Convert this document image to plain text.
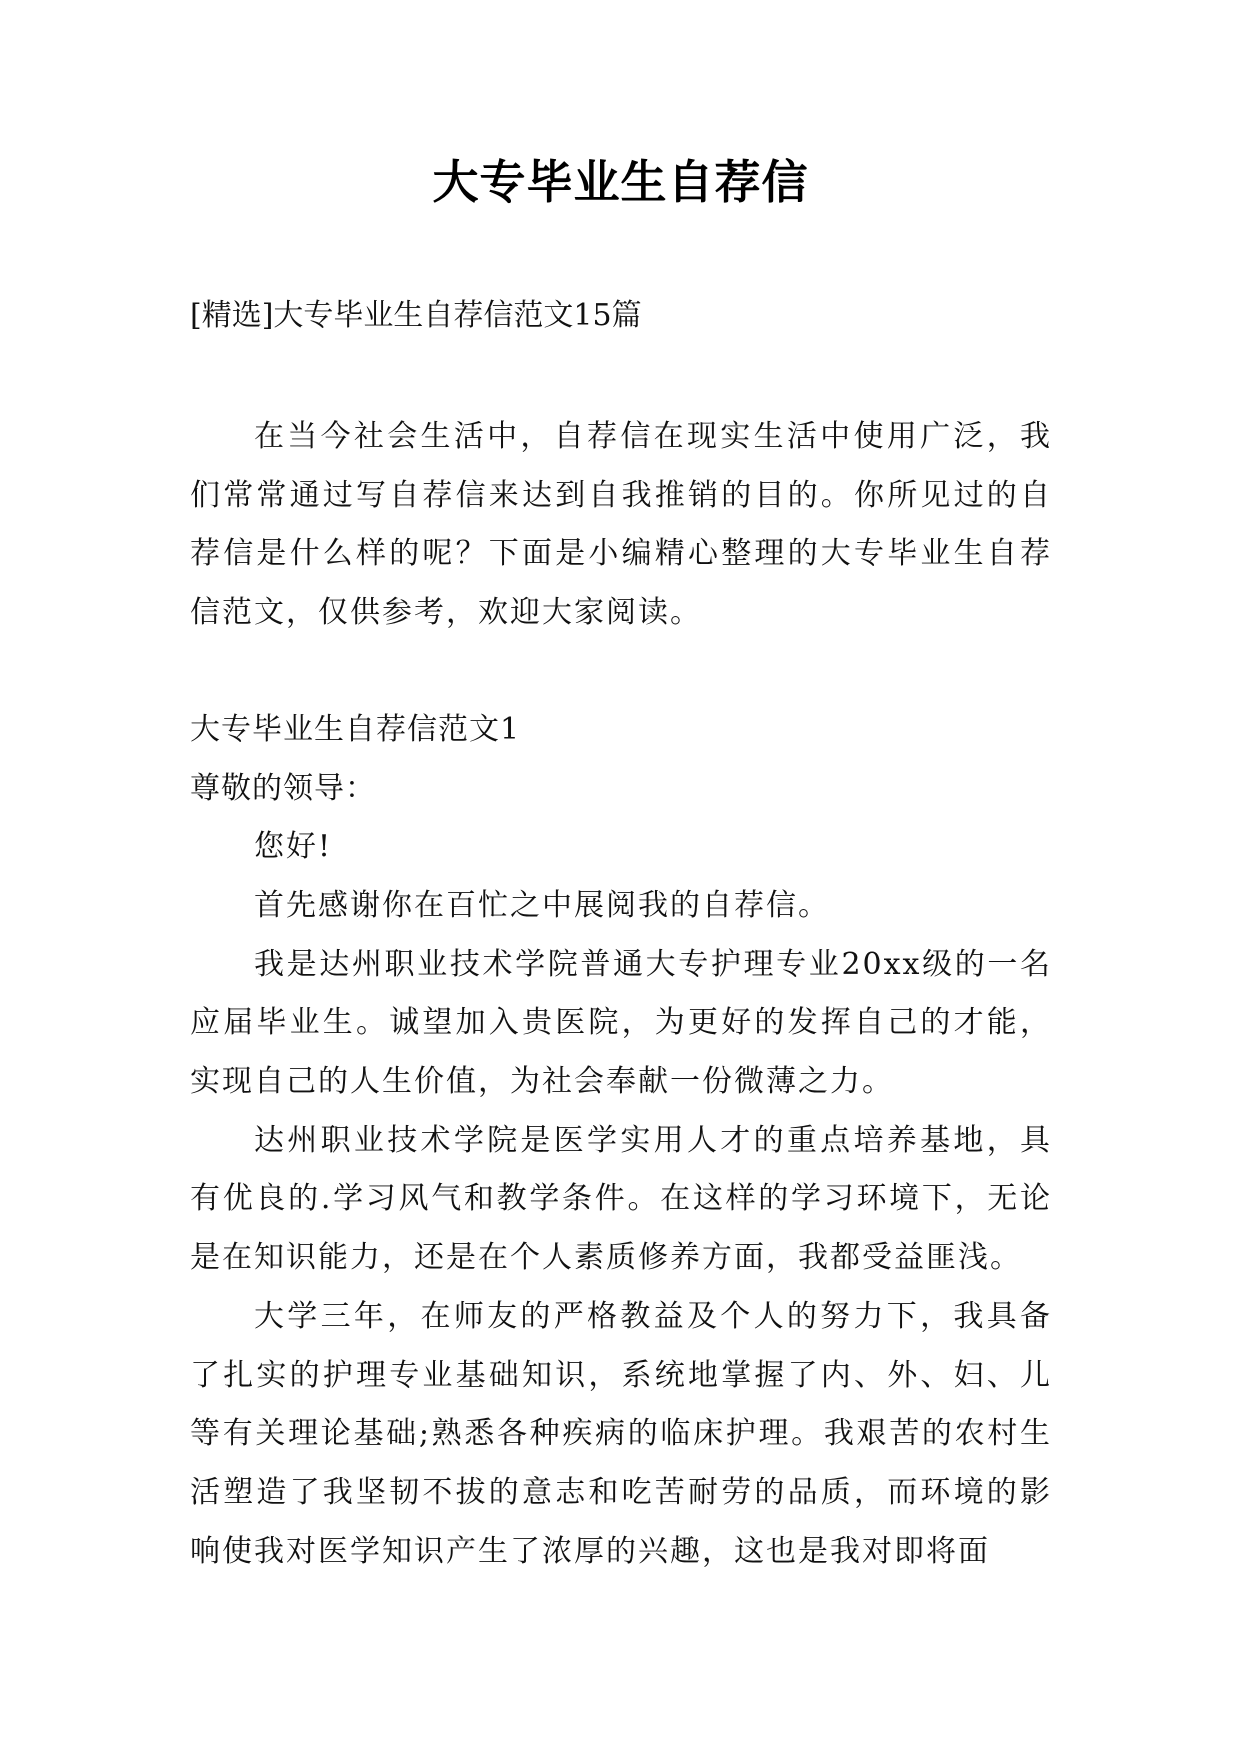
大专毕业生自荐信

[精选]大专毕业生自荐信范文15篇

在当今社会生活中，自荐信在现实生活中使用广泛，我们常常通过写自荐信来达到自我推销的目的。你所见过的自荐信是什么样的呢？下面是小编精心整理的大专毕业生自荐信范文，仅供参考，欢迎大家阅读。

大专毕业生自荐信范文1

尊敬的领导：

您好!

首先感谢你在百忙之中展阅我的自荐信。

我是达州职业技术学院普通大专护理专业20xx级的一名应届毕业生。诚望加入贵医院，为更好的发挥自己的才能，实现自己的人生价值，为社会奉献一份微薄之力。

达州职业技术学院是医学实用人才的重点培养基地，具有优良的.学习风气和教学条件。在这样的学习环境下，无论是在知识能力，还是在个人素质修养方面，我都受益匪浅。

大学三年，在师友的严格教益及个人的努力下，我具备了扎实的护理专业基础知识，系统地掌握了内、外、妇、儿等有关理论基础;熟悉各种疾病的临床护理。我艰苦的农村生活塑造了我坚韧不拔的意志和吃苦耐劳的品质，而环境的影响使我对医学知识产生了浓厚的兴趣，这也是我对即将面
